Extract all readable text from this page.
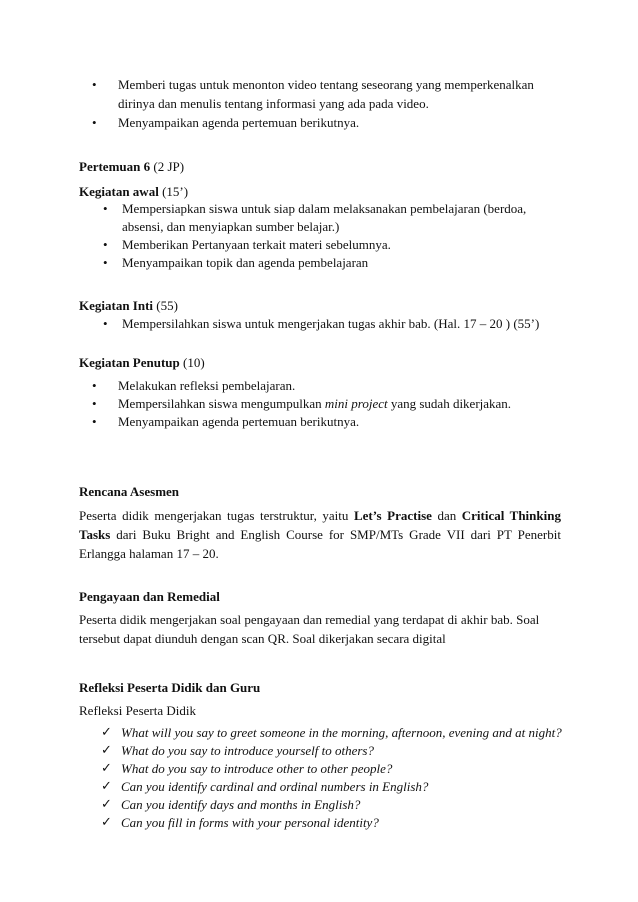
• Memberi tugas untuk menonton video tentang seseorang yang memperkenalkan
dirinya dan menulis tentang informasi yang ada pada video.
• Menyampaikan agenda pertemuan berikutnya.
Pertemuan 6 (2 JP)
Kegiatan awal (15’)
• Mempersiapkan siswa untuk siap dalam melaksanakan pembelajaran (berdoa,
absensi, dan menyiapkan sumber belajar.)
• Memberikan Pertanyaan terkait materi sebelumnya.
• Menyampaikan topik dan agenda pembelajaran
Kegiatan Inti (55)
• Mempersilahkan siswa untuk mengerjakan tugas akhir bab. (Hal. 17 – 20 ) (55’)
Kegiatan Penutup (10)
• Melakukan refleksi pembelajaran.
• Mempersilahkan siswa mengumpulkan mini project yang sudah dikerjakan.
• Menyampaikan agenda pertemuan berikutnya.
Rencana Asesmen
Peserta didik mengerjakan tugas terstruktur, yaitu Let’s Practise dan Critical Thinking
Tasks dari Buku Bright and English Course for SMP/MTs Grade VII dari PT Penerbit
Erlangga halaman 17 – 20.
Pengayaan dan Remedial
Peserta didik mengerjakan soal pengayaan dan remedial yang terdapat di akhir bab. Soal
tersebut dapat diunduh dengan scan QR. Soal dikerjakan secara digital
Refleksi Peserta Didik dan Guru
Refleksi Peserta Didik
✓ What will you say to greet someone in the morning, afternoon, evening and at night?
✓ What do you say to introduce yourself to others?
✓ What do you say to introduce other to other people?
✓ Can you identify cardinal and ordinal numbers in English?
✓ Can you identify days and months in English?
✓ Can you fill in forms with your personal identity?
